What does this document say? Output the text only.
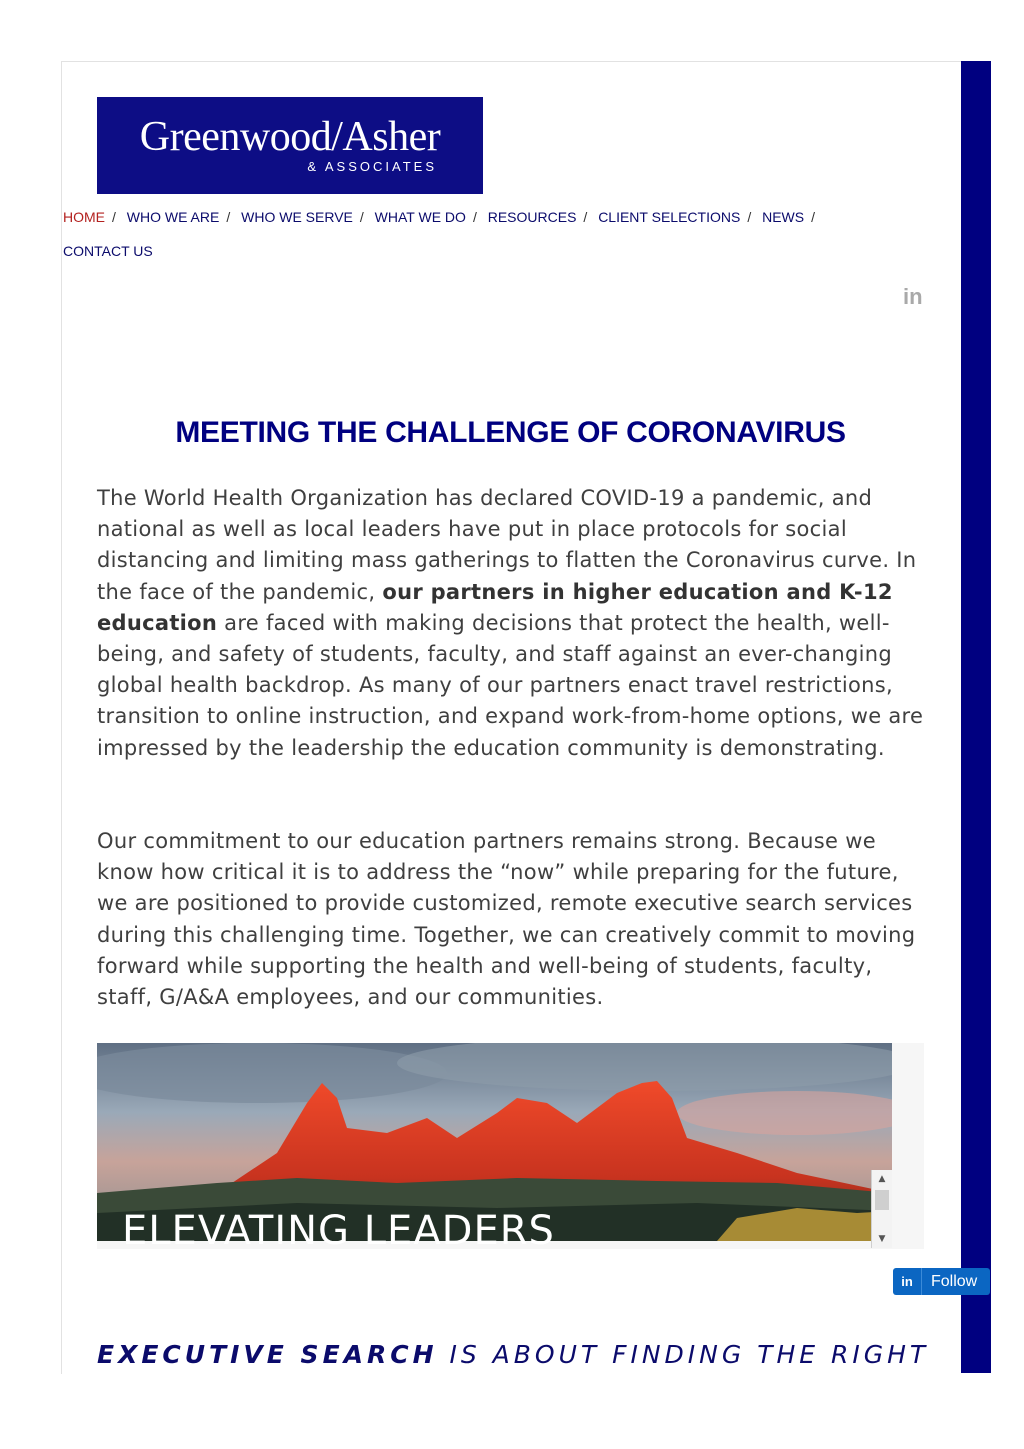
Greenwood/Asher
& ASSOCIATES
HOME / WHO WE ARE / WHO WE SERVE / WHAT WE DO / RESOURCES / CLIENT SELECTIONS / NEWS /
CONTACT US
in
MEETING THE CHALLENGE OF CORONAVIRUS

The World Health Organization has declared COVID-19 a pandemic, and national as well as local leaders have put in place protocols for social distancing and limiting mass gatherings to flatten the Coronavirus curve. In the face of the pandemic, our partners in higher education and K-12 education are faced with making decisions that protect the health, well-being, and safety of students, faculty, and staff against an ever-changing global health backdrop. As many of our partners enact travel restrictions, transition to online instruction, and expand work-from-home options, we are impressed by the leadership the education community is demonstrating.

Our commitment to our education partners remains strong. Because we know how critical it is to address the “now” while preparing for the future, we are positioned to provide customized, remote executive search services during this challenging time. Together, we can creatively commit to moving forward while supporting the health and well-being of students, faculty, staff, G/A&A employees, and our communities.

▲
▼
ELEVATING LEADERS
in	Follow
EXECUTIVE SEARCH IS ABOUT FINDING THE RIGHT
